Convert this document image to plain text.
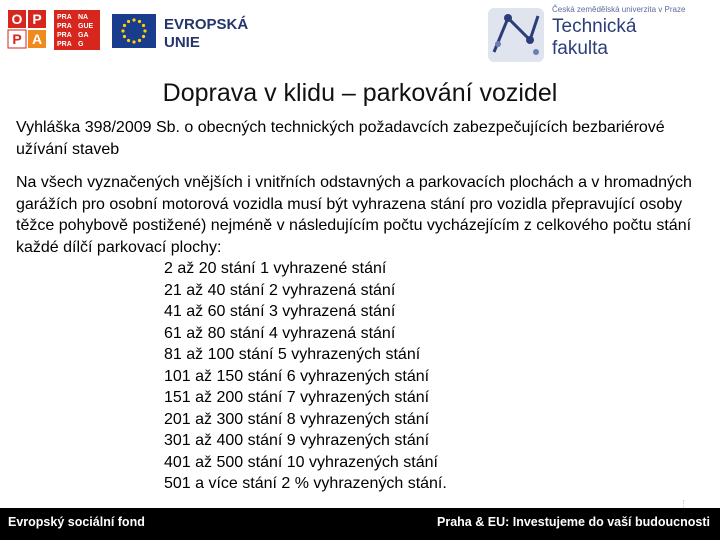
O P
P A
PRA NA
PRA GUE
PRA GA
PRA G
EVROPSKÁ
UNIE
Česká zemědělská univerzita v Praze
Technická
fakulta
Doprava v klidu – parkování vozidel

Vyhláška 398/2009 Sb. o obecných technických požadavcích zabezpečujících bezbariérové užívání staveb

Na všech vyznačených vnějších i vnitřních odstavných a parkovacích plochách a v hromadných garážích pro osobní motorová vozidla musí být vyhrazena stání pro vozidla přepravující osoby těžce pohybově postižené) nejméně v následujícím počtu vycházejícím z celkového počtu stání každé dílčí parkovací plochy:

2 až 20 stání 1 vyhrazené stání
21 až 40 stání 2 vyhrazená stání
41 až 60 stání 3 vyhrazená stání
61 až 80 stání 4 vyhrazená stání
81 až 100 stání 5 vyhrazených stání
101 až 150 stání 6 vyhrazených stání
151 až 200 stání 7 vyhrazených stání
201 až 300 stání 8 vyhrazených stání
301 až 400 stání 9 vyhrazených stání
401 až 500 stání 10 vyhrazených stání
501 a více stání 2 % vyhrazených stání.
Evropský sociální fond	Praha & EU: Investujeme do vaší budoucnosti
